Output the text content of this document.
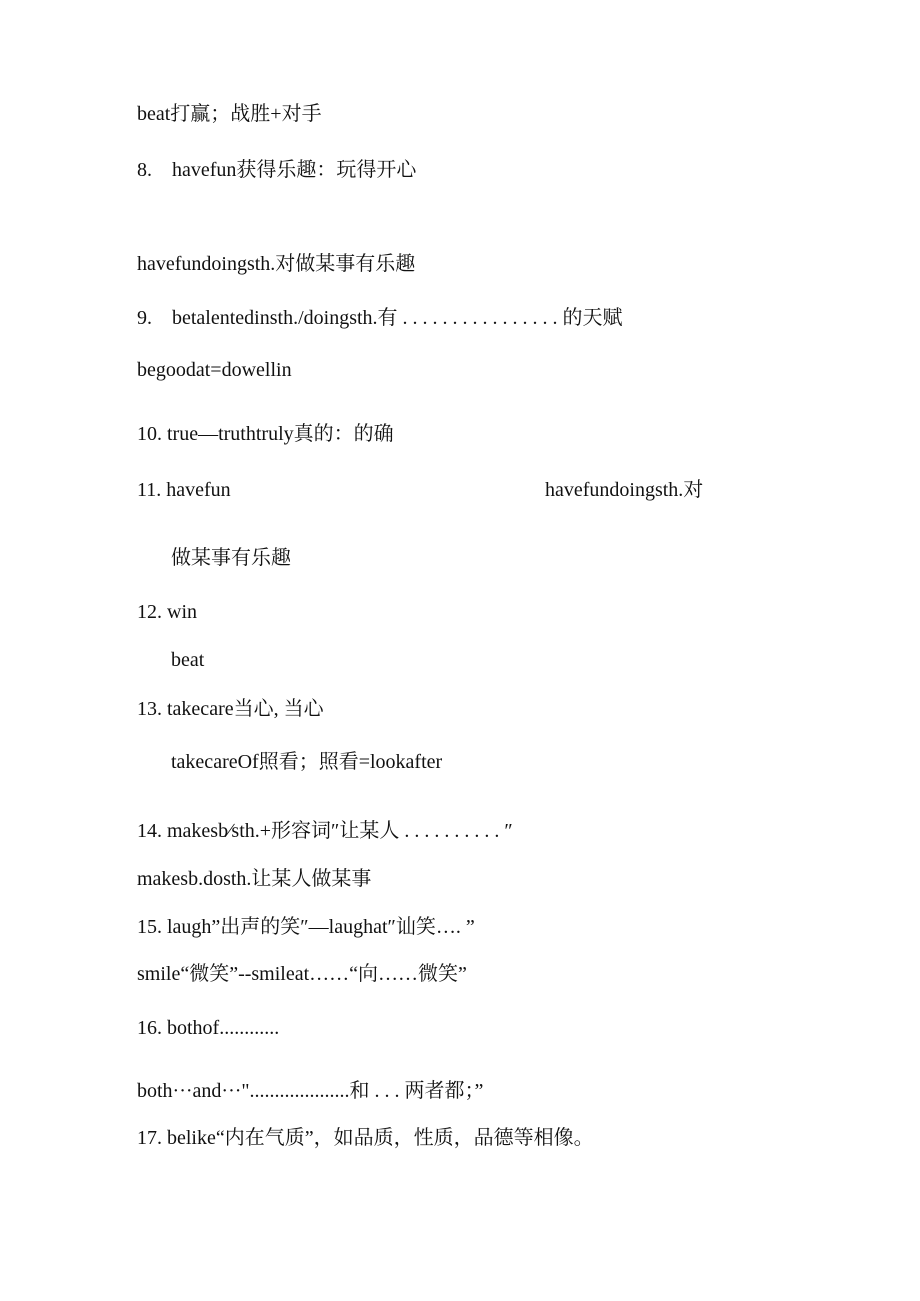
beat打赢；战胜+对手
8. havefun获得乐趣：玩得开心
havefundoingsth.对做某事有乐趣
9. betalentedinsth./doingsth.有 . . . . . . . . . . . . . . . . 的天赋
begoodat=dowellin
10. true—truthtruly真的：的确
11. havefun	havefundoingsth.对
做某事有乐趣
12. win
beat
13. takecare当心, 当心
takecareOf照看；照看=lookafter
14. makesb∕sth.+形容词″让某人 . . . . . . . . . . ″
makesb.dosth.让某人做某事
15. laugh”出声的笑″—laughat″讪笑…. ”
smile“微笑”--smileat……“向……微笑”
16. bothof............
both···and···"....................和 . . . 两者都；”
17. belike“内在气质”，如品质，性质，品德等相像。
